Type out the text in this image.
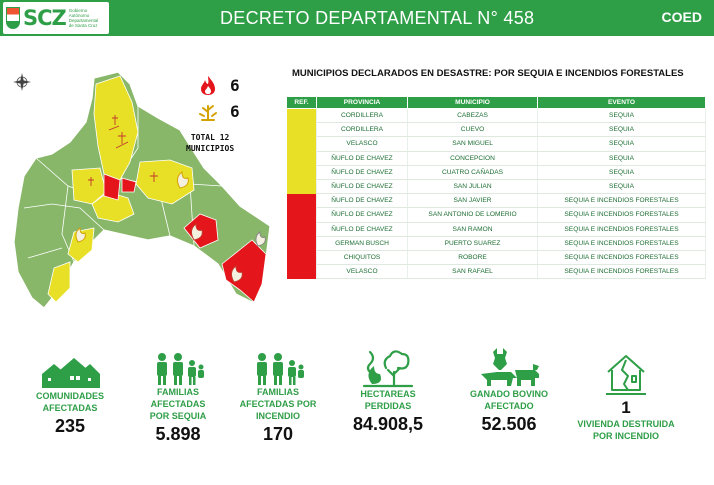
SCZ Gobierno Autónomo Departamental de Santa Cruz	DECRETO DEPARTAMENTAL N° 458	COED
6
6
TOTAL 12
MUNICIPIOS
MUNICIPIOS DECLARADOS EN DESASTRE: POR SEQUIA E INCENDIOS FORESTALES
REF.	PROVINCIA	MUNICIPIO	EVENTO
	CORDILLERA	CABEZAS	SEQUIA
	CORDILLERA	CUEVO	SEQUIA
	VELASCO	SAN MIGUEL	SEQUIA
	ÑUFLO DE CHAVEZ	CONCEPCION	SEQUIA
	ÑUFLO DE CHAVEZ	CUATRO CAÑADAS	SEQUIA
	ÑUFLO DE CHAVEZ	SAN JULIAN	SEQUIA
	ÑUFLO DE CHAVEZ	SAN JAVIER	SEQUIA E INCENDIOS FORESTALES
	ÑUFLO DE CHAVEZ	SAN ANTONIO DE LOMERIO	SEQUIA E INCENDIOS FORESTALES
	ÑUFLO DE CHAVEZ	SAN RAMON	SEQUIA E INCENDIOS FORESTALES
	GERMAN BUSCH	PUERTO SUAREZ	SEQUIA E INCENDIOS FORESTALES
	CHIQUITOS	ROBORE	SEQUIA E INCENDIOS FORESTALES
	VELASCO	SAN RAFAEL	SEQUIA E INCENDIOS FORESTALES
COMUNIDADES
AFECTADAS
235
FAMILIAS
AFECTADAS
POR SEQUIA
5.898
FAMILIAS
AFECTADAS POR
INCENDIO
170
HECTAREAS
PERDIDAS
84.908,5
GANADO BOVINO
AFECTADO
52.506
1
VIVIENDA DESTRUIDA
POR INCENDIO
